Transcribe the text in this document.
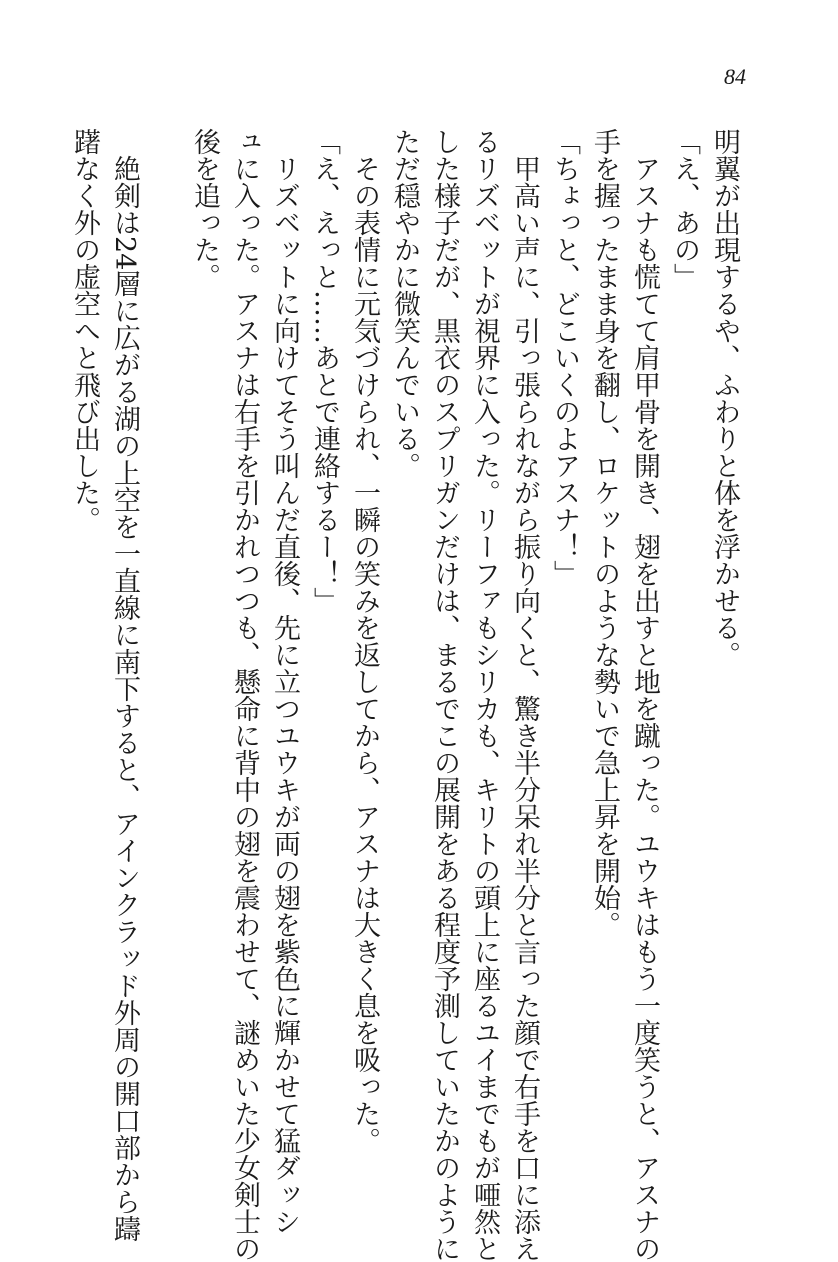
84
明翼が出現するや、ふわりと体を浮かせる。
「え、あの」
　アスナも慌てて肩甲骨を開き、翅を出すと地を蹴った。ユウキはもう一度笑うと、アスナの
手を握ったまま身を翻し、ロケットのような勢いで急上昇を開始。
「ちょっと、どこいくのよアスナ！」
　甲高い声に、引っ張られながら振り向くと、驚き半分呆れ半分と言った顔で右手を口に添え
るリズベットが視界に入った。リーファもシリカも、キリトの頭上に座るユイまでもが唖然と
した様子だが、黒衣のスプリガンだけは、まるでこの展開をある程度予測していたかのように
ただ穏やかに微笑んでいる。
　その表情に元気づけられ、一瞬の笑みを返してから、アスナは大きく息を吸った。
「え、えっと……あとで連絡するー！」
　リズベットに向けてそう叫んだ直後、先に立つユウキが両の翅を紫色に輝かせて猛ダッシ
ュに入った。アスナは右手を引かれつつも、懸命に背中の翅を震わせて、謎めいた少女剣士の
後を追った。
　絶剣は24層に広がる湖の上空を一直線に南下すると、アインクラッド外周の開口部から躊
躇なく外の虚空へと飛び出した。
